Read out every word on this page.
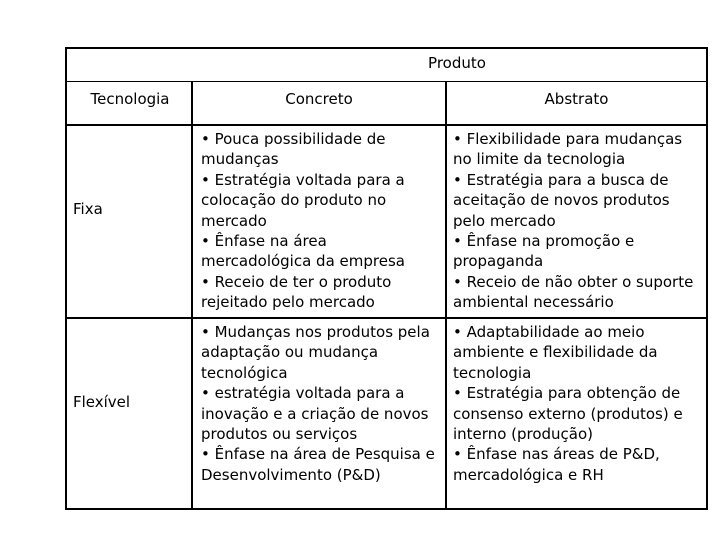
Produto
Tecnologia	Concreto	Abstrato
Fixa

• Pouca possibilidade de mudanças

• Estratégia voltada para a colocação do produto no mercado

• Ênfase na área mercadológica da empresa

• Receio de ter o produto rejeitado pelo mercado

• Flexibilidade para mudanças no limite da tecnologia

• Estratégia para a busca de aceitação de novos produtos pelo mercado

• Ênfase na promoção e propaganda

• Receio de não obter o suporte ambiental necessário

Flexível

• Mudanças nos produtos pela adaptação ou mudança tecnológica

• estratégia voltada para a inovação e a criação de novos produtos ou serviços

• Ênfase na área de Pesquisa e Desenvolvimento (P&D)

• Adaptabilidade ao meio ambiente e flexibilidade da tecnologia

• Estratégia para obtenção de consenso externo (produtos) e interno (produção)

• Ênfase nas áreas de P&D, mercadológica e RH
